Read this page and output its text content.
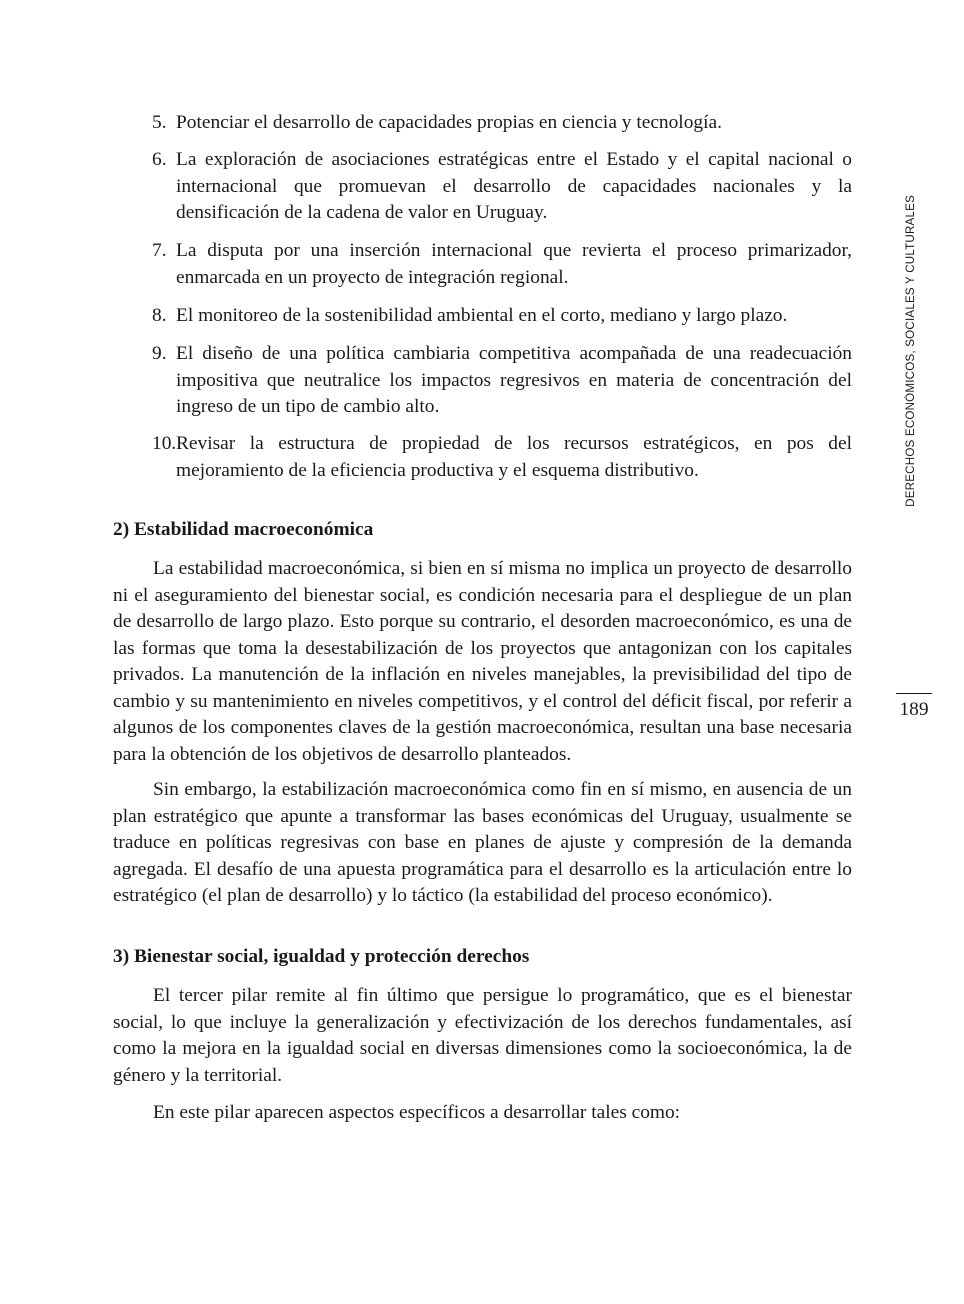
5. Potenciar el desarrollo de capacidades propias en ciencia y tecnología.
6. La exploración de asociaciones estratégicas entre el Estado y el capital nacional o internacional que promuevan el desarrollo de capacidades nacionales y la densificación de la cadena de valor en Uruguay.
7. La disputa por una inserción internacional que revierta el proceso primarizador, enmarcada en un proyecto de integración regional.
8. El monitoreo de la sostenibilidad ambiental en el corto, mediano y largo plazo.
9. El diseño de una política cambiaria competitiva acompañada de una readecuación impositiva que neutralice los impactos regresivos en materia de concentración del ingreso de un tipo de cambio alto.
10. Revisar la estructura de propiedad de los recursos estratégicos, en pos del mejoramiento de la eficiencia productiva y el esquema distributivo.
2) Estabilidad macroeconómica

La estabilidad macroeconómica, si bien en sí misma no implica un proyecto de desarrollo ni el aseguramiento del bienestar social, es condición necesaria para el despliegue de un plan de desarrollo de largo plazo. Esto porque su contrario, el desorden macroeconómico, es una de las formas que toma la desestabilización de los proyectos que antagonizan con los capitales privados. La manutención de la inflación en niveles manejables, la previsibilidad del tipo de cambio y su mantenimiento en niveles competitivos, y el control del déficit fiscal, por referir a algunos de los componentes claves de la gestión macroeconómica, resultan una base necesaria para la obtención de los objetivos de desarrollo planteados.

Sin embargo, la estabilización macroeconómica como fin en sí mismo, en ausencia de un plan estratégico que apunte a transformar las bases económicas del Uruguay, usualmente se traduce en políticas regresivas con base en planes de ajuste y compresión de la demanda agregada. El desafío de una apuesta programática para el desarrollo es la articulación entre lo estratégico (el plan de desarrollo) y lo táctico (la estabilidad del proceso económico).

3) Bienestar social, igualdad y protección derechos

El tercer pilar remite al fin último que persigue lo programático, que es el bienestar social, lo que incluye la generalización y efectivización de los derechos fundamentales, así como la mejora en la igualdad social en diversas dimensiones como la socioeconómica, la de género y la territorial.

En este pilar aparecen aspectos específicos a desarrollar tales como:

DERECHOS ECONÓMICOS, SOCIALES Y CULTURALES
189
